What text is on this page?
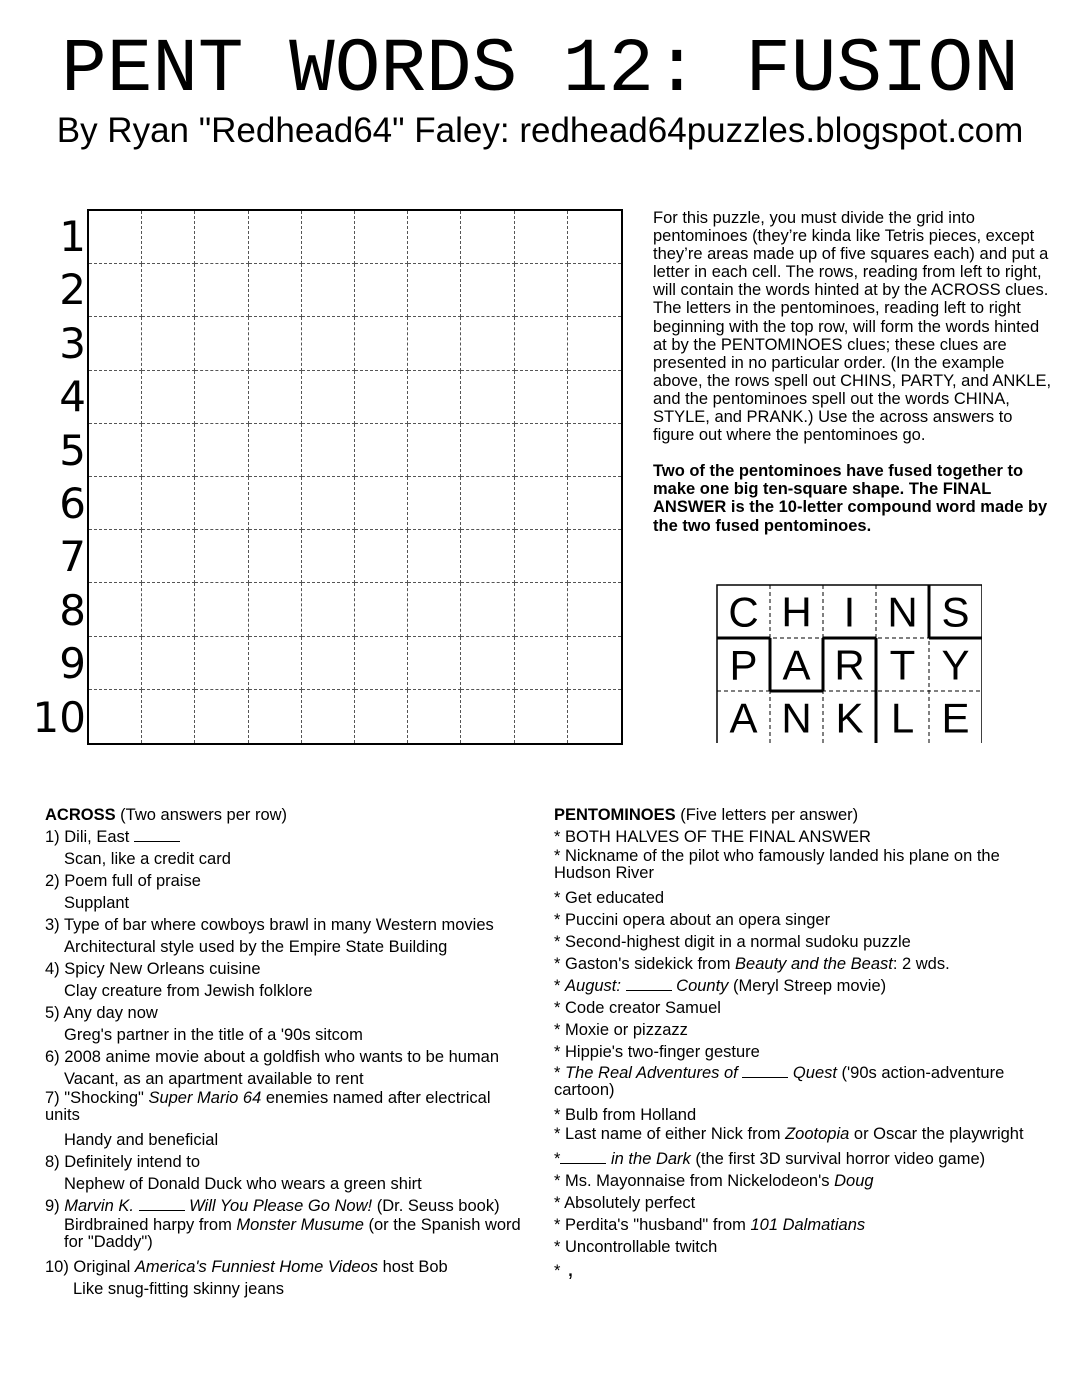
PENT WORDS 12: FUSION
By Ryan "Redhead64" Faley: redhead64puzzles.blogspot.com
1
2
3
4
5
6
7
8
9
10

For this puzzle, you must divide the grid into pentominoes (they’re kinda like Tetris pieces, except they’re areas made up of five squares each) and put a letter in each cell. The rows, reading from left to right, will contain the words hinted at by the ACROSS clues. The letters in the pentominoes, reading left to right beginning with the top row, will form the words hinted at by the PENTOMINOES clues; these clues are presented in no particular order. (In the example above, the rows spell out CHINS, PARTY, and ANKLE, and the pentominoes spell out the words CHINA, STYLE, and PRANK.) Use the across answers to figure out where the pentominoes go.

Two of the pentominoes have fused together to make one big ten-square shape. The FINAL ANSWER is the 10-letter compound word made by the two fused pentominoes.

C H I N S
P A R T Y
A N K L E
ACROSS (Two answers per row)
1) Dili, East
Scan, like a credit card
2) Poem full of praise
Supplant
3) Type of bar where cowboys brawl in many Western movies
Architectural style used by the Empire State Building
4) Spicy New Orleans cuisine
Clay creature from Jewish folklore
5) Any day now
Greg's partner in the title of a '90s sitcom
6) 2008 anime movie about a goldfish who wants to be human
Vacant, as an apartment available to rent
7) "Shocking" Super Mario 64 enemies named after electrical units
Handy and beneficial
8) Definitely intend to
Nephew of Donald Duck who wears a green shirt
9) Marvin K.	Will You Please Go Now! (Dr. Seuss book)
Birdbrained harpy from Monster Musume (or the Spanish word for "Daddy")
10) Original America's Funniest Home Videos host Bob
Like snug-fitting skinny jeans
PENTOMINOES (Five letters per answer)
* BOTH HALVES OF THE FINAL ANSWER
* Nickname of the pilot who famously landed his plane on the Hudson River
* Get educated
* Puccini opera about an opera singer
* Second-highest digit in a normal sudoku puzzle
* Gaston's sidekick from Beauty and the Beast: 2 wds.
* August:	County (Meryl Streep movie)
* Code creator Samuel
* Moxie or pizzazz
* Hippie's two-finger gesture
* The Real Adventures of	Quest ('90s action-adventure cartoon)
* Bulb from Holland
* Last name of either Nick from Zootopia or Oscar the playwright
*	in the Dark (the first 3D survival horror video game)
* Ms. Mayonnaise from Nickelodeon's Doug
* Absolutely perfect
* Perdita's "husband" from 101 Dalmatians
* Uncontrollable twitch
* ,
